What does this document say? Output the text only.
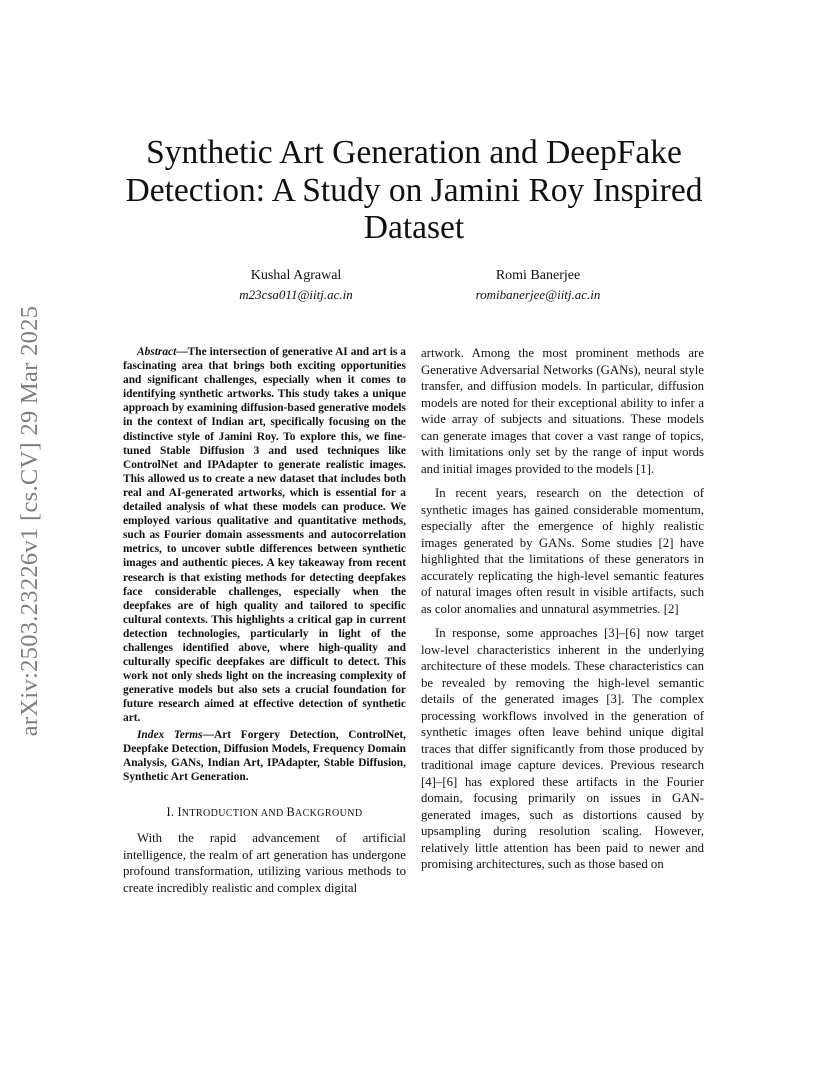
arXiv:2503.23226v1 [cs.CV] 29 Mar 2025
Synthetic Art Generation and DeepFake
Detection: A Study on Jamini Roy Inspired
Dataset
Kushal Agrawal
m23csa011@iitj.ac.in
Romi Banerjee
romibanerjee@iitj.ac.in

Abstract—The intersection of generative AI and art is a fascinating area that brings both exciting opportunities and significant challenges, especially when it comes to identifying synthetic artworks. This study takes a unique approach by examining diffusion-based generative models in the context of Indian art, specifically focusing on the distinctive style of Jamini Roy. To explore this, we fine-tuned Stable Diffusion 3 and used techniques like ControlNet and IPAdapter to generate realistic images. This allowed us to create a new dataset that includes both real and AI-generated artworks, which is essential for a detailed analysis of what these models can produce. We employed various qualitative and quantitative methods, such as Fourier domain assessments and autocorrelation metrics, to uncover subtle differences between synthetic images and authentic pieces. A key takeaway from recent research is that existing methods for detecting deepfakes face considerable challenges, especially when the deepfakes are of high quality and tailored to specific cultural contexts. This highlights a critical gap in current detection technologies, particularly in light of the challenges identified above, where high-quality and culturally specific deepfakes are difficult to detect. This work not only sheds light on the increasing complexity of generative models but also sets a crucial foundation for future research aimed at effective detection of synthetic art.

Index Terms—Art Forgery Detection, ControlNet, Deepfake Detection, Diffusion Models, Frequency Domain Analysis, GANs, Indian Art, IPAdapter, Stable Diffusion, Synthetic Art Generation.

I. INTRODUCTION AND BACKGROUND

With the rapid advancement of artificial intelligence, the realm of art generation has undergone profound transformation, utilizing various methods to create incredibly realistic and complex digital

artwork. Among the most prominent methods are Generative Adversarial Networks (GANs), neural style transfer, and diffusion models. In particular, diffusion models are noted for their exceptional ability to infer a wide array of subjects and situations. These models can generate images that cover a vast range of topics, with limitations only set by the range of input words and initial images provided to the models [1].

In recent years, research on the detection of synthetic images has gained considerable momentum, especially after the emergence of highly realistic images generated by GANs. Some studies [2] have highlighted that the limitations of these generators in accurately replicating the high-level semantic features of natural images often result in visible artifacts, such as color anomalies and unnatural asymmetries. [2]

In response, some approaches [3]–[6] now target low-level characteristics inherent in the underlying architecture of these models. These characteristics can be revealed by removing the high-level semantic details of the generated images [3]. The complex processing workflows involved in the generation of synthetic images often leave behind unique digital traces that differ significantly from those produced by traditional image capture devices. Previous research [4]–[6] has explored these artifacts in the Fourier domain, focusing primarily on issues in GAN-generated images, such as distortions caused by upsampling during resolution scaling. However, relatively little attention has been paid to newer and promising architectures, such as those based on
